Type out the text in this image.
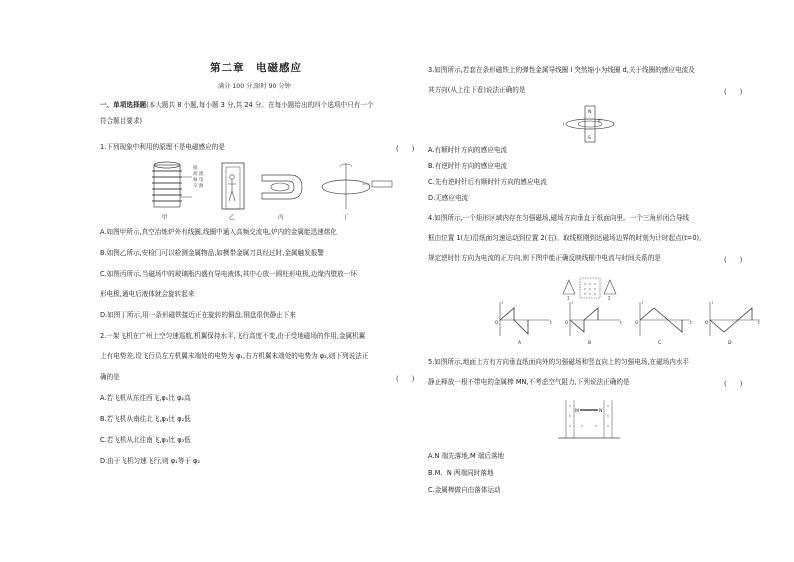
第二章　电磁感应
满分 100 分,限时 90 分钟
一、单项选择题(本大题共 8 小题,每小题 3 分,共 24 分。在每小题给出的四个选项中只有一个
符合题目要求)
1.下列现象中利用的原理不是电磁感应的是	(　　)
接
高
频
交
流
电
源
甲	乙	丙	丁
A.如图甲所示,真空冶炼炉外有线圈,线圈中通入高频交流电,炉内的金属能迅速熔化
B.如图乙所示,安检门可以检测金属物品,如携带金属刀具经过时,金属触发报警
C.如图丙所示,当磁场中的玻璃瓶内盛有导电液体,其中心放一圆柱形电极,边缘内壁放一环
形电极,通电后液体就会旋转起来
D.如图丁所示,用一条形磁铁接近正在旋转的铜盘,铜盘很快静止下来
2.一架飞机在广州上空匀速巡航,机翼保持水平,飞行高度不变,由于受地磁场的作用,金属机翼
上有电势差,设飞行员左方机翼末端处的电势为 φ₁,右方机翼末端处的电势为 φ₂,则下列说法正
确的是	(　　)
A.若飞机从东往西飞,φ₁比 φ₂高
B.若飞机从南往北飞,φ₁比 φ₂低
C.若飞机从北往南飞,φ₁比 φ₂低
D.由于飞机匀速飞行,则 φ₁等于 φ₂
3.如图所示,若套在条形磁铁上的弹性金属导线圈 l 突然缩小为线圈 d,关于线圈的感应电流及
其方向(从上往下看)说法正确的是	(　　)
N
S
l
d
A.有顺时针方向的感应电流
B.有逆时针方向的感应电流
C.先有逆时针后有顺时针方向的感应电流
D.无感应电流
4.如图所示,一个矩形区域内存在匀强磁场,磁场方向垂直于纸面向里。一个三角形闭合导线
框由位置 1(左)沿纸面匀速运动到位置 2(右)。取线框刚到达磁场边界的时刻为计时起点(t=0),
规定逆时针方向为电流的正方向,则下图中能正确反映线框中电流与时间关系的是	(　　)
1	2
O
i
t
A
O
i
t
B
O
i
t
C
O
i
t
D
5.如图所示,地面上方有方向垂直纸面向外的匀强磁场和竖直向上的匀强电场,在磁场内水平
静止释放一根不带电的金属棒 MN,不考虑空气阻力,下列说法正确的是	(　　)
M	N
A.N 端先落地,M 端后落地
B.M、N 两端同时落地
C.金属棒做自由落体运动
